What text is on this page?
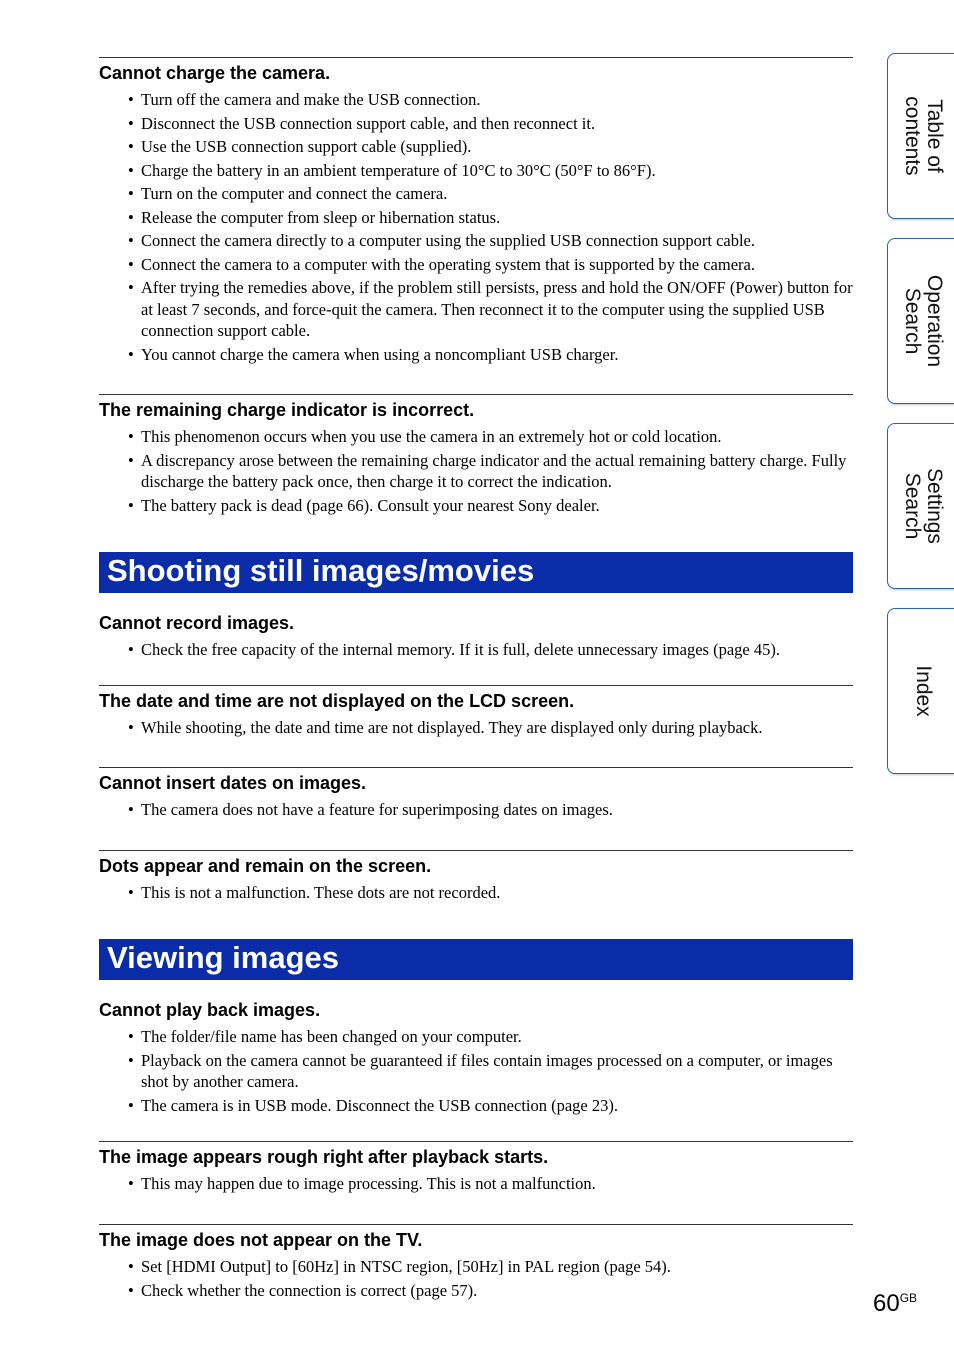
Cannot charge the camera.
• Turn off the camera and make the USB connection.
• Disconnect the USB connection support cable, and then reconnect it.
• Use the USB connection support cable (supplied).
• Charge the battery in an ambient temperature of 10°C to 30°C (50°F to 86°F).
• Turn on the computer and connect the camera.
• Release the computer from sleep or hibernation status.
• Connect the camera directly to a computer using the supplied USB connection support cable.
• Connect the camera to a computer with the operating system that is supported by the camera.
• After trying the remedies above, if the problem still persists, press and hold the ON/OFF (Power) button for at least 7 seconds, and force-quit the camera. Then reconnect it to the computer using the supplied USB connection support cable.
• You cannot charge the camera when using a noncompliant USB charger.
The remaining charge indicator is incorrect.
• This phenomenon occurs when you use the camera in an extremely hot or cold location.
• A discrepancy arose between the remaining charge indicator and the actual remaining battery charge. Fully discharge the battery pack once, then charge it to correct the indication.
• The battery pack is dead (page 66). Consult your nearest Sony dealer.
Shooting still images/movies
Cannot record images.
• Check the free capacity of the internal memory. If it is full, delete unnecessary images (page 45).
The date and time are not displayed on the LCD screen.
• While shooting, the date and time are not displayed. They are displayed only during playback.
Cannot insert dates on images.
• The camera does not have a feature for superimposing dates on images.
Dots appear and remain on the screen.
• This is not a malfunction. These dots are not recorded.
Viewing images
Cannot play back images.
• The folder/file name has been changed on your computer.
• Playback on the camera cannot be guaranteed if files contain images processed on a computer, or images shot by another camera.
• The camera is in USB mode. Disconnect the USB connection (page 23).
The image appears rough right after playback starts.
• This may happen due to image processing. This is not a malfunction.
The image does not appear on the TV.
• Set [HDMI Output] to [60Hz] in NTSC region, [50Hz] in PAL region (page 54).
• Check whether the connection is correct (page 57).
Table of contents
Operation Search
Settings Search
Index
$60^{GB}$
